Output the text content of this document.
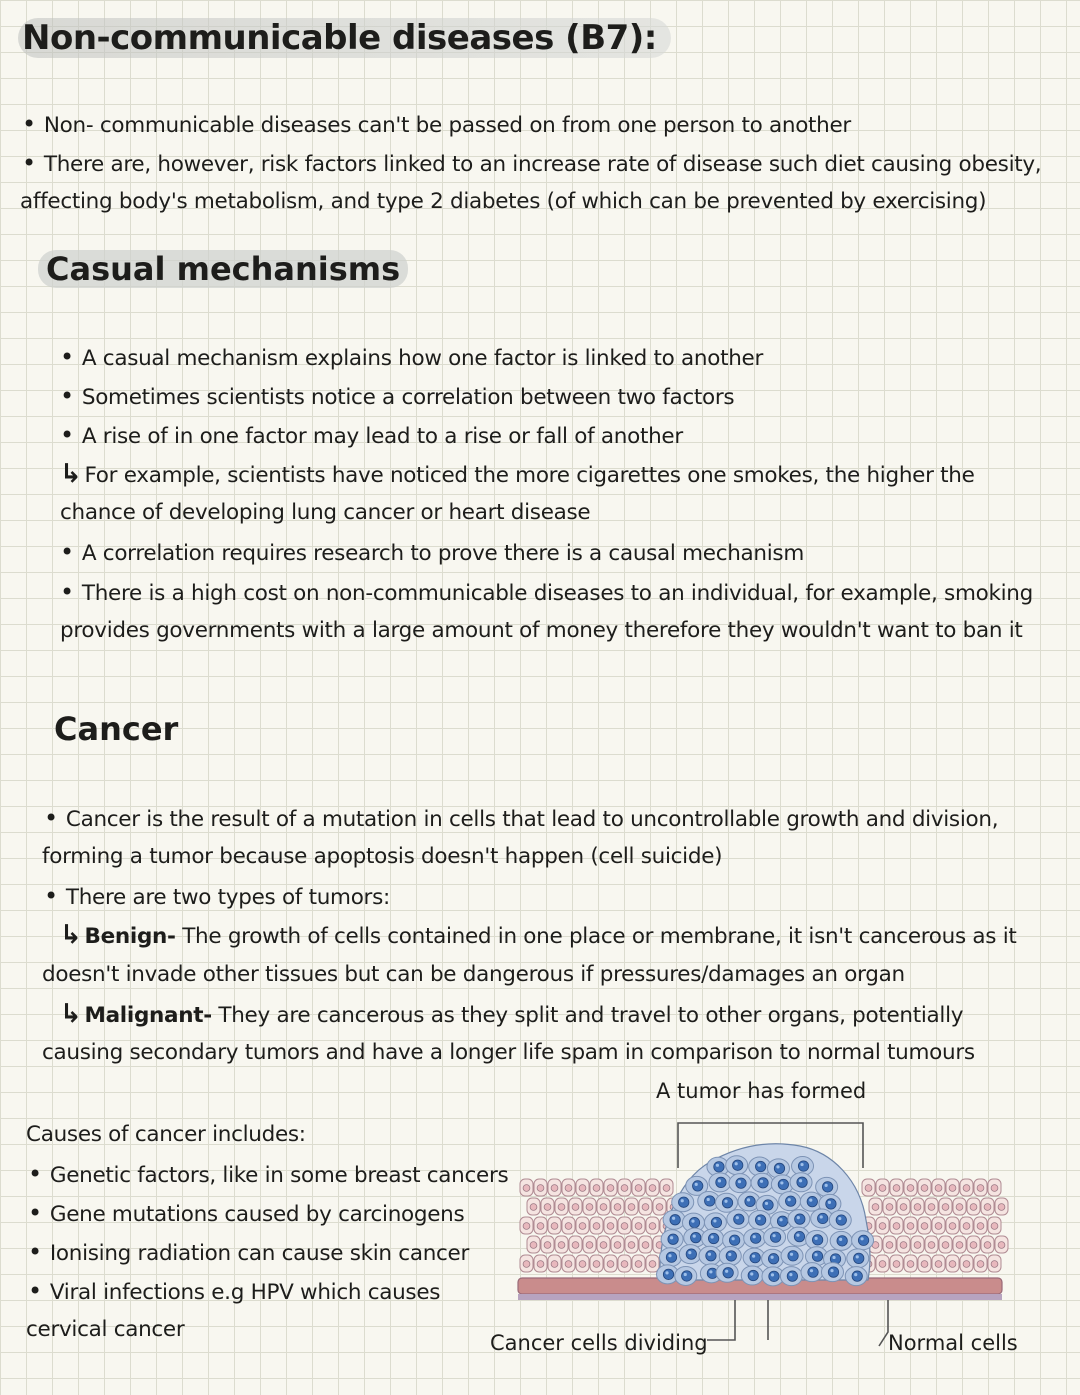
Non-communicable diseases (B7):
• Non- communicable diseases can't be passed on from one person to another
• There are, however, risk factors linked to an increase rate of disease such diet causing obesity,
affecting body's metabolism, and type 2 diabetes (of which can be prevented by exercising)
Casual mechanisms
• A casual mechanism explains how one factor is linked to another
• Sometimes scientists notice a correlation between two factors
• A rise of in one factor may lead to a rise or fall of another
↳ For example, scientists have noticed the more cigarettes one smokes, the higher the
chance of developing lung cancer or heart disease
• A correlation requires research to prove there is a causal mechanism
• There is a high cost on non-communicable diseases to an individual, for example, smoking
provides governments with a large amount of money therefore they wouldn't want to ban it
Cancer
• Cancer is the result of a mutation in cells that lead to uncontrollable growth and division,
forming a tumor because apoptosis doesn't happen (cell suicide)
• There are two types of tumors:
↳ Benign- The growth of cells contained in one place or membrane, it isn't cancerous as it
doesn't invade other tissues but can be dangerous if pressures/damages an organ
↳ Malignant- They are cancerous as they split and travel to other organs, potentially
causing secondary tumors and have a longer life spam in comparison to normal tumours
Causes of cancer includes:
• Genetic factors, like in some breast cancers
• Gene mutations caused by carcinogens
• Ionising radiation can cause skin cancer
• Viral infections e.g HPV which causes
cervical cancer
A tumor has formed
Cancer cells dividing	Normal cells
